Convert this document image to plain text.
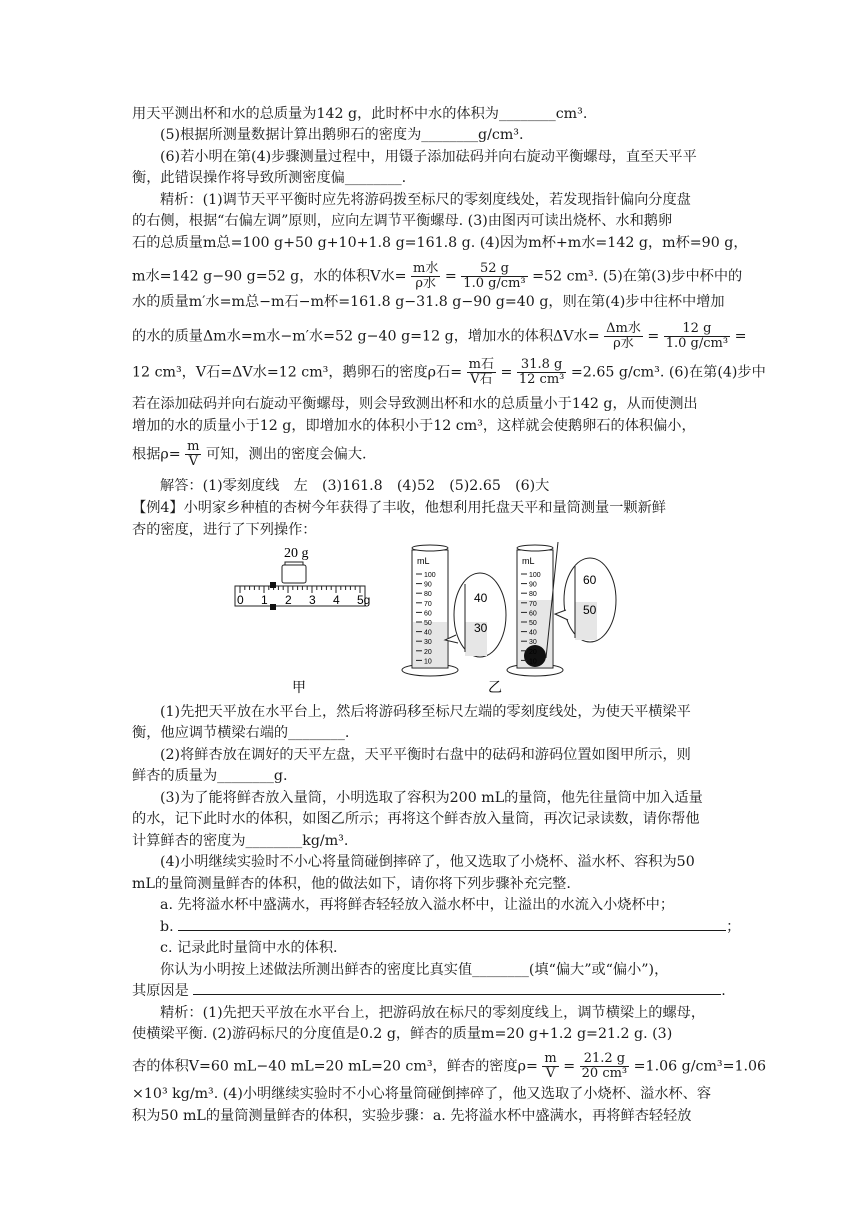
用天平测出杯和水的总质量为142 g，此时杯中水的体积为________cm³.
(5)根据所测量数据计算出鹅卵石的密度为________g/cm³.
(6)若小明在第(4)步骤测量过程中，用镊子添加砝码并向右旋动平衡螺母，直至天平平
衡，此错误操作将导致所测密度偏________.
精析：(1)调节天平平衡时应先将游码拨至标尺的零刻度线处，若发现指针偏向分度盘
的右侧，根据“右偏左调”原则，应向左调节平衡螺母. (3)由图丙可读出烧杯、水和鹅卵
石的总质量m总=100 g+50 g+10+1.8 g=161.8 g. (4)因为m杯+m水=142 g，m杯=90 g，
m水=142 g−90 g=52 g，水的体积V水= $\frac{\text{m水}}{\text{ρ水}} = \frac{52 g}{\text{1.0 g/cm³}} =52$ cm³. (5)在第(3)步中杯中的
水的质量m′水=m总−m石−m杯=161.8 g−31.8 g−90 g=40 g，则在第(4)步中往杯中增加
的水的质量Δm水=m水−m′水=52 g−40 g=12 g，增加水的体积ΔV水= $\frac{\text{Δm水}}{\text{ρ水}} = \frac{12 g}{\text{1.0 g/cm³}}$ =
12 cm³，V石=ΔV水=12 cm³，鹅卵石的密度ρ石= $\frac{\text{m石}}{\text{V石}} = \frac{31.8 g}{\text{12 cm³}} =2.65$ g/cm³. (6)在第(4)步中
若在添加砝码并向右旋动平衡螺母，则会导致测出杯和水的总质量小于142 g，从而使测出
增加的水的质量小于12 g，即增加水的体积小于12 cm³，这样就会使鹅卵石的体积偏小，
根据$\rho= \frac{m}{V}$ 可知，测出的密度会偏大.
解答：(1)零刻度线　左　(3)161.8　(4)52　(5)2.65　(6)大
【例4】小明家乡种植的杏树今年获得了丰收，他想利用托盘天平和量筒测量一颗新鲜
杏的密度，进行了下列操作：
20 g
0 1 2 3 4 5g
mL
100
90
80
70
60
50
40
30
20
10
40
30
mL
100
90
80
70
60
50
40
30
20
10
60
50
甲	乙
(1)先把天平放在水平台上，然后将游码移至标尺左端的零刻度线处，为使天平横梁平
衡，他应调节横梁右端的________.
(2)将鲜杏放在调好的天平左盘，天平平衡时右盘中的砝码和游码位置如图甲所示，则
鲜杏的质量为________g.
(3)为了能将鲜杏放入量筒，小明选取了容积为200 mL的量筒，他先往量筒中加入适量
的水，记下此时水的体积，如图乙所示；再将这个鲜杏放入量筒，再次记录读数，请你帮他
计算鲜杏的密度为________kg/m³.
(4)小明继续实验时不小心将量筒碰倒摔碎了，他又选取了小烧杯、溢水杯、容积为50
mL的量筒测量鲜杏的体积，他的做法如下，请你将下列步骤补充完整.
a. 先将溢水杯中盛满水，再将鲜杏轻轻放入溢水杯中，让溢出的水流入小烧杯中；
b.	；
c. 记录此时量筒中水的体积.
你认为小明按上述做法所测出鲜杏的密度比真实值________(填“偏大”或“偏小”)，
其原因是	.
精析：(1)先把天平放在水平台上，把游码放在标尺的零刻度线上，调节横梁上的螺母，
使横梁平衡. (2)游码标尺的分度值是0.2 g，鲜杏的质量m=20 g+1.2 g=21.2 g. (3)
杏的体积V=60 mL−40 mL=20 mL=20 cm³，鲜杏的密度$\rho= \frac{m}{V} = \frac{21.2 g}{\text{20 cm³}} =1.06$ g/cm³=1.06
×10³ kg/m³. (4)小明继续实验时不小心将量筒碰倒摔碎了，他又选取了小烧杯、溢水杯、容
积为50 mL的量筒测量鲜杏的体积，实验步骤：a. 先将溢水杯中盛满水，再将鲜杏轻轻放
